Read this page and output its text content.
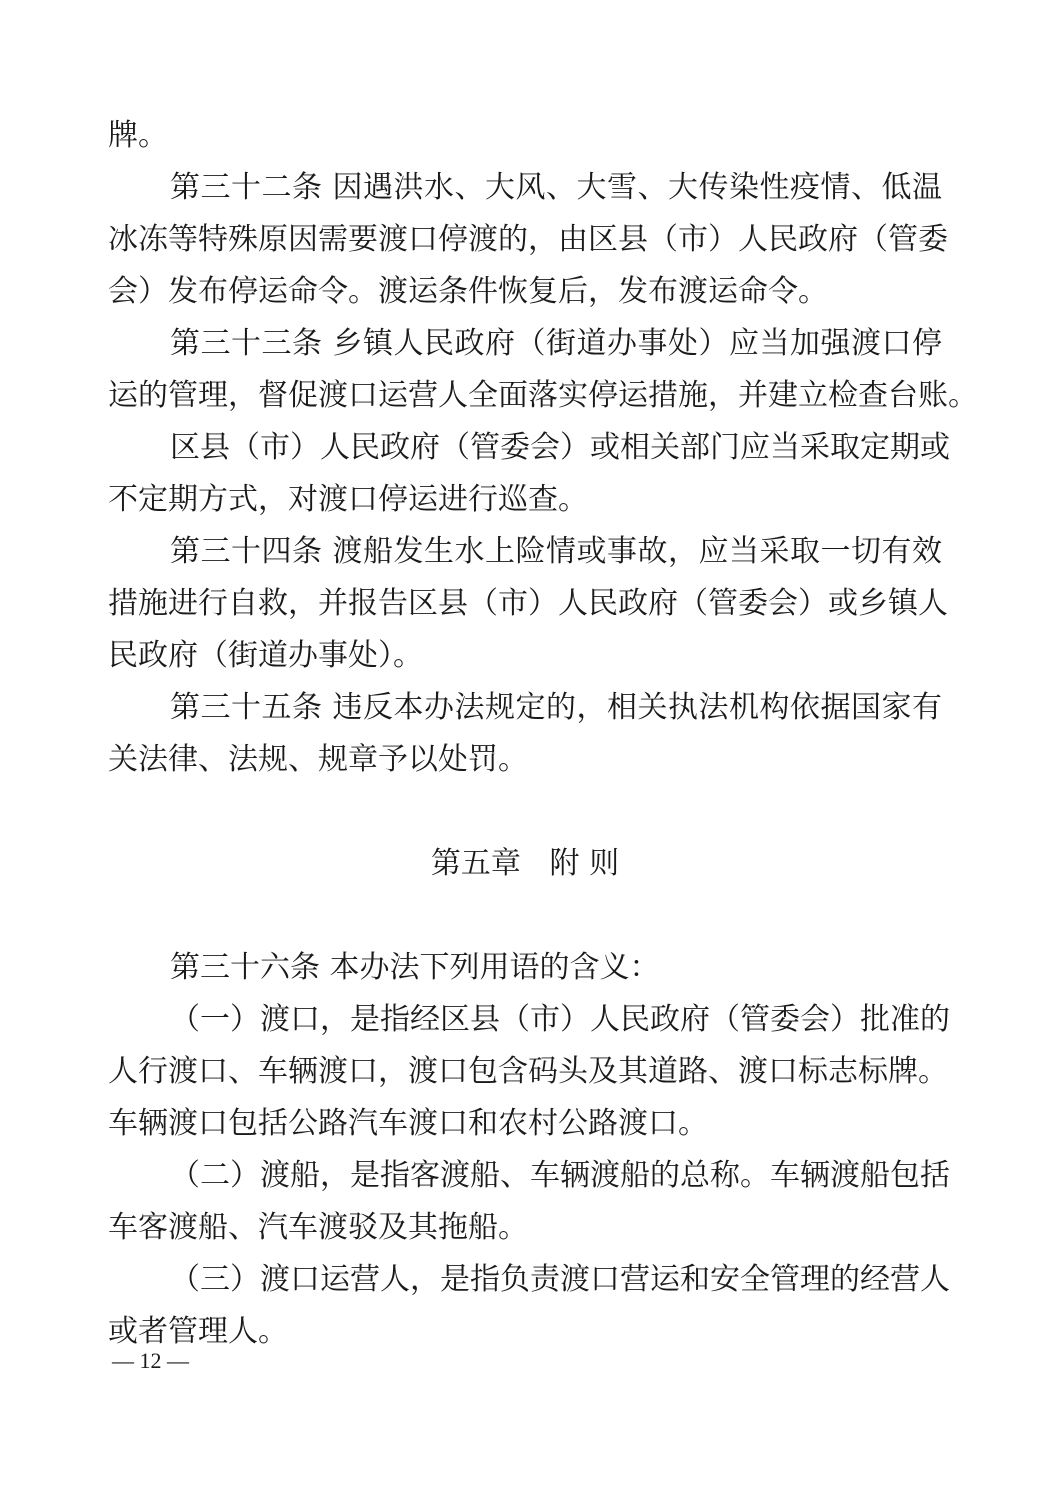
牌。
第三十二条 因遇洪水、大风、大雪、大传染性疫情、低温
冰冻等特殊原因需要渡口停渡的，由区县（市）人民政府（管委
会）发布停运命令。渡运条件恢复后，发布渡运命令。
第三十三条 乡镇人民政府（街道办事处）应当加强渡口停
运的管理，督促渡口运营人全面落实停运措施，并建立检查台账。
区县（市）人民政府（管委会）或相关部门应当采取定期或
不定期方式，对渡口停运进行巡查。
第三十四条 渡船发生水上险情或事故，应当采取一切有效
措施进行自救，并报告区县（市）人民政府（管委会）或乡镇人
民政府（街道办事处）。
第三十五条 违反本办法规定的，相关执法机构依据国家有
关法律、法规、规章予以处罚。
第五章   附 则
第三十六条 本办法下列用语的含义：
（一）渡口，是指经区县（市）人民政府（管委会）批准的
人行渡口、车辆渡口，渡口包含码头及其道路、渡口标志标牌。
车辆渡口包括公路汽车渡口和农村公路渡口。
（二）渡船，是指客渡船、车辆渡船的总称。车辆渡船包括
车客渡船、汽车渡驳及其拖船。
（三）渡口运营人，是指负责渡口营运和安全管理的经营人
或者管理人。
— 12 —
